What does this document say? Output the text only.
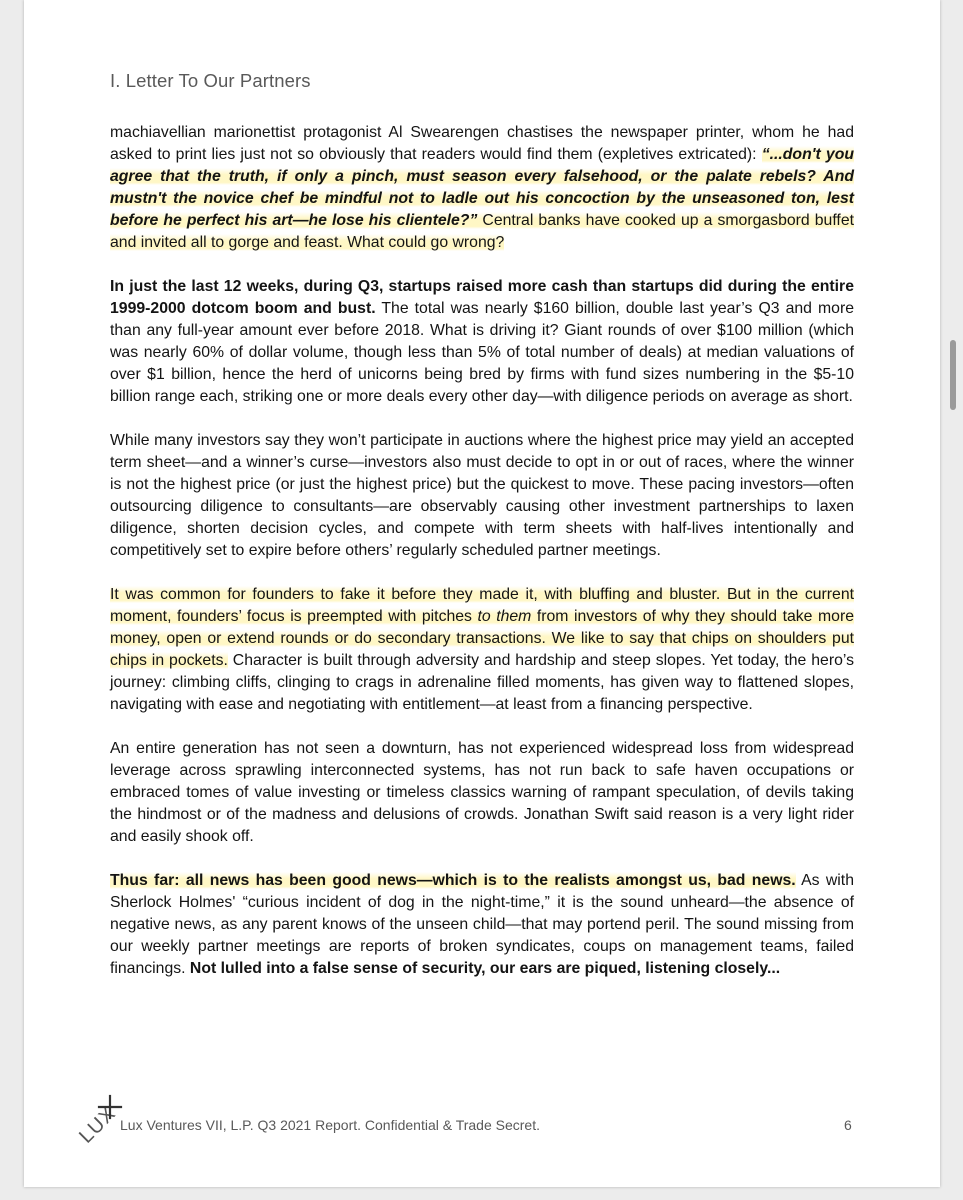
I. Letter To Our Partners

machiavellian marionettist protagonist Al Swearengen chastises the newspaper printer, whom he had asked to print lies just not so obviously that readers would find them (expletives extricated): “...don't you agree that the truth, if only a pinch, must season every falsehood, or the palate rebels? And mustn't the novice chef be mindful not to ladle out his concoction by the unseasoned ton, lest before he perfect his art—he lose his clientele?” Central banks have cooked up a smorgasbord buffet and invited all to gorge and feast. What could go wrong?

In just the last 12 weeks, during Q3, startups raised more cash than startups did during the entire 1999-2000 dotcom boom and bust. The total was nearly $160 billion, double last year’s Q3 and more than any full-year amount ever before 2018. What is driving it? Giant rounds of over $100 million (which was nearly 60% of dollar volume, though less than 5% of total number of deals) at median valuations of over $1 billion, hence the herd of unicorns being bred by firms with fund sizes numbering in the $5-10 billion range each, striking one or more deals every other day—with diligence periods on average as short.

While many investors say they won’t participate in auctions where the highest price may yield an accepted term sheet—and a winner’s curse—investors also must decide to opt in or out of races, where the winner is not the highest price (or just the highest price) but the quickest to move. These pacing investors—often outsourcing diligence to consultants—are observably causing other investment partnerships to laxen diligence, shorten decision cycles, and compete with term sheets with half-lives intentionally and competitively set to expire before others’ regularly scheduled partner meetings.

It was common for founders to fake it before they made it, with bluffing and bluster. But in the current moment, founders’ focus is preempted with pitches to them from investors of why they should take more money, open or extend rounds or do secondary transactions. We like to say that chips on shoulders put chips in pockets. Character is built through adversity and hardship and steep slopes. Yet today, the hero’s journey: climbing cliffs, clinging to crags in adrenaline filled moments, has given way to flattened slopes, navigating with ease and negotiating with entitlement—at least from a financing perspective.

An entire generation has not seen a downturn, has not experienced widespread loss from widespread leverage across sprawling interconnected systems, has not run back to safe haven occupations or embraced tomes of value investing or timeless classics warning of rampant speculation, of devils taking the hindmost or of the madness and delusions of crowds. Jonathan Swift said reason is a very light rider and easily shook off.

Thus far: all news has been good news—which is to the realists amongst us, bad news. As with Sherlock Holmes' “curious incident of dog in the night-time,” it is the sound unheard—the absence of negative news, as any parent knows of the unseen child—that may portend peril. The sound missing from our weekly partner meetings are reports of broken syndicates, coups on management teams, failed financings. Not lulled into a false sense of security, our ears are piqued, listening closely...

LUX Lux Ventures VII, L.P. Q3 2021 Report. Confidential & Trade Secret.	6
